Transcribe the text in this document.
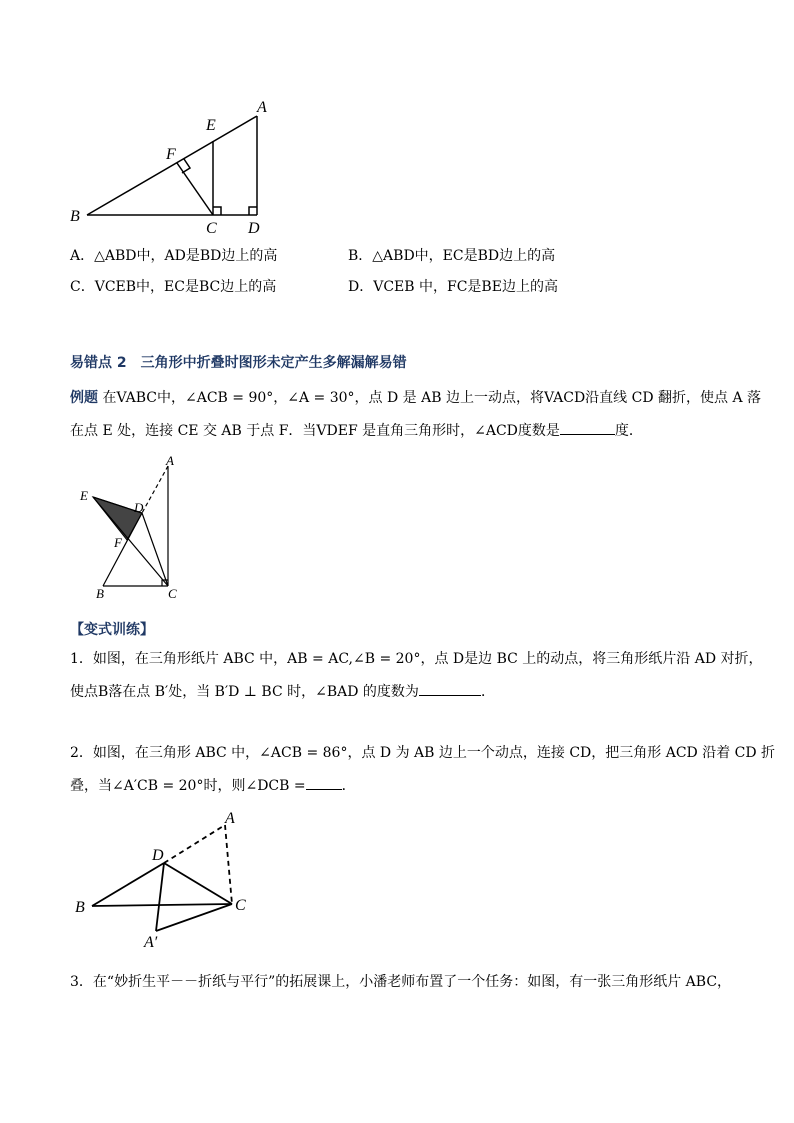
A
E
F
B
C D
A．△ABD中，AD是BD边上的高	B．△ABD中，EC是BD边上的高
C．VCEB中，EC是BC边上的高	D．VCEB 中，FC是BE边上的高
易错点 2　三角形中折叠时图形未定产生多解漏解易错
例题 在VABC中，∠ACB = 90°，∠A = 30°，点 D 是 AB 边上一动点，将VACD沿直线 CD 翻折，使点 A 落
在点 E 处，连接 CE 交 AB 于点 F．当VDEF 是直角三角形时，∠ACD度数是	度．
A
E
D
F
B	C
【变式训练】
1．如图，在三角形纸片 ABC 中，AB = AC,∠B = 20°，点 D是边 BC 上的动点，将三角形纸片沿 AD 对折，
使点B落在点 B′处，当 B′D ⊥ BC 时，∠BAD 的度数为	．
2．如图，在三角形 ABC 中，∠ACB = 86°，点 D 为 AB 边上一个动点，连接 CD，把三角形 ACD 沿着 CD 折
叠，当∠A′CB = 20°时，则∠DCB =	．
A
D
B	C
A′
3．在“妙折生平－－折纸与平行”的拓展课上，小潘老师布置了一个任务：如图，有一张三角形纸片 ABC，
